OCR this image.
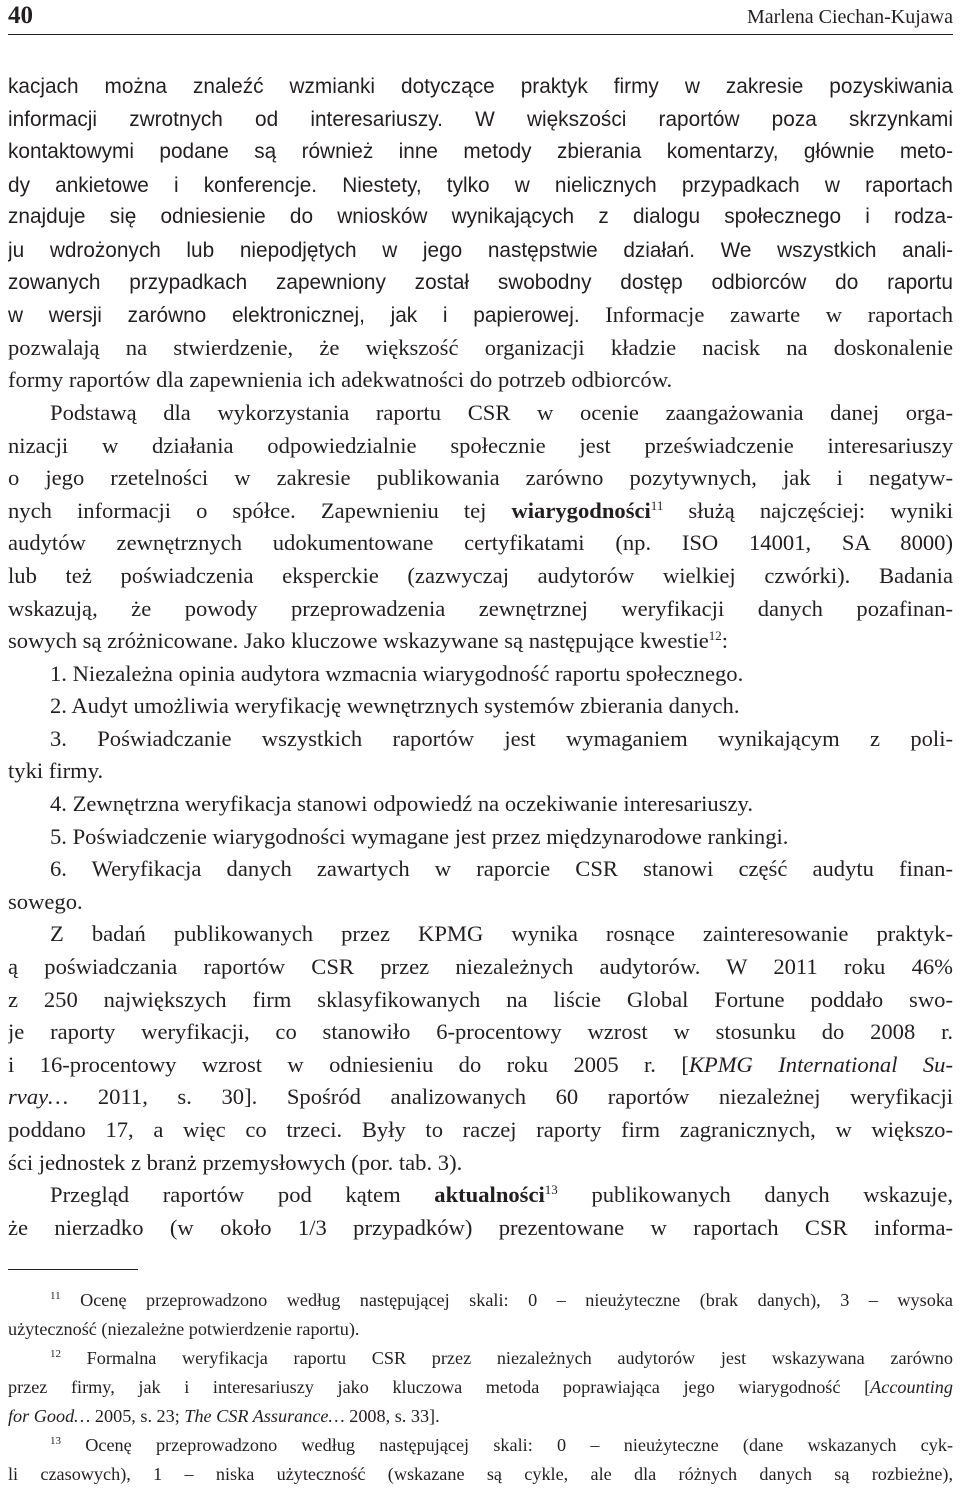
40	Marlena Ciechan-Kujawa
kacjach można znaleźć wzmianki dotyczące praktyk firmy w zakresie pozyskiwania
informacji zwrotnych od interesariuszy. W większości raportów poza skrzynkami
kontaktowymi podane są również inne metody zbierania komentarzy, głównie meto-
dy ankietowe i konferencje. Niestety, tylko w nielicznych przypadkach w raportach
znajduje się odniesienie do wniosków wynikających z dialogu społecznego i rodza-
ju wdrożonych lub niepodjętych w jego następstwie działań. We wszystkich anali-
zowanych przypadkach zapewniony został swobodny dostęp odbiorców do raportu
w wersji zarówno elektronicznej, jak i papierowej. Informacje zawarte w raportach
pozwalają na stwierdzenie, że większość organizacji kładzie nacisk na doskonalenie
formy raportów dla zapewnienia ich adekwatności do potrzeb odbiorców.
Podstawą dla wykorzystania raportu CSR w ocenie zaangażowania danej orga-
nizacji w działania odpowiedzialnie społecznie jest przeświadczenie interesariuszy
o jego rzetelności w zakresie publikowania zarówno pozytywnych, jak i negatyw-
nych informacji o spółce. Zapewnieniu tej wiarygodności$^{11}$ służą najczęściej: wyniki
audytów zewnętrznych udokumentowane certyfikatami (np. ISO 14001, SA 8000)
lub też poświadczenia eksperckie (zazwyczaj audytorów wielkiej czwórki). Badania
wskazują, że powody przeprowadzenia zewnętrznej weryfikacji danych pozafinan-
sowych są zróżnicowane. Jako kluczowe wskazywane są następujące kwestie$^{12}$:
1. Niezależna opinia audytora wzmacnia wiarygodność raportu społecznego.
2. Audyt umożliwia weryfikację wewnętrznych systemów zbierania danych.
3. Poświadczanie wszystkich raportów jest wymaganiem wynikającym z poli-
tyki firmy.
4. Zewnętrzna weryfikacja stanowi odpowiedź na oczekiwanie interesariuszy.
5. Poświadczenie wiarygodności wymagane jest przez międzynarodowe rankingi.
6. Weryfikacja danych zawartych w raporcie CSR stanowi część audytu finan-
sowego.
Z badań publikowanych przez KPMG wynika rosnące zainteresowanie praktyk-
ą poświadczania raportów CSR przez niezależnych audytorów. W 2011 roku 46%
z 250 największych firm sklasyfikowanych na liście Global Fortune poddało swo-
je raporty weryfikacji, co stanowiło 6-procentowy wzrost w stosunku do 2008 r.
i 16-procentowy wzrost w odniesieniu do roku 2005 r. [KPMG International Su-
rvay… 2011, s. 30]. Spośród analizowanych 60 raportów niezależnej weryfikacji
poddano 17, a więc co trzeci. Były to raczej raporty firm zagranicznych, w większo-
ści jednostek z branż przemysłowych (por. tab. 3).
Przegląd raportów pod kątem aktualności$^{13}$ publikowanych danych wskazuje,
że nierzadko (w około 1/3 przypadków) prezentowane w raportach CSR informa-
$^{11}$ Ocenę przeprowadzono według następującej skali: 0 – nieużyteczne (brak danych), 3 – wysoka
użyteczność (niezależne potwierdzenie raportu).
$^{12}$ Formalna weryfikacja raportu CSR przez niezależnych audytorów jest wskazywana zarówno
przez firmy, jak i interesariuszy jako kluczowa metoda poprawiająca jego wiarygodność [Accounting
for Good… 2005, s. 23; The CSR Assurance… 2008, s. 33].
$^{13}$ Ocenę przeprowadzono według następującej skali: 0 – nieużyteczne (dane wskazanych cyk-
li czasowych), 1 – niska użyteczność (wskazane są cykle, ale dla różnych danych są rozbieżne),
